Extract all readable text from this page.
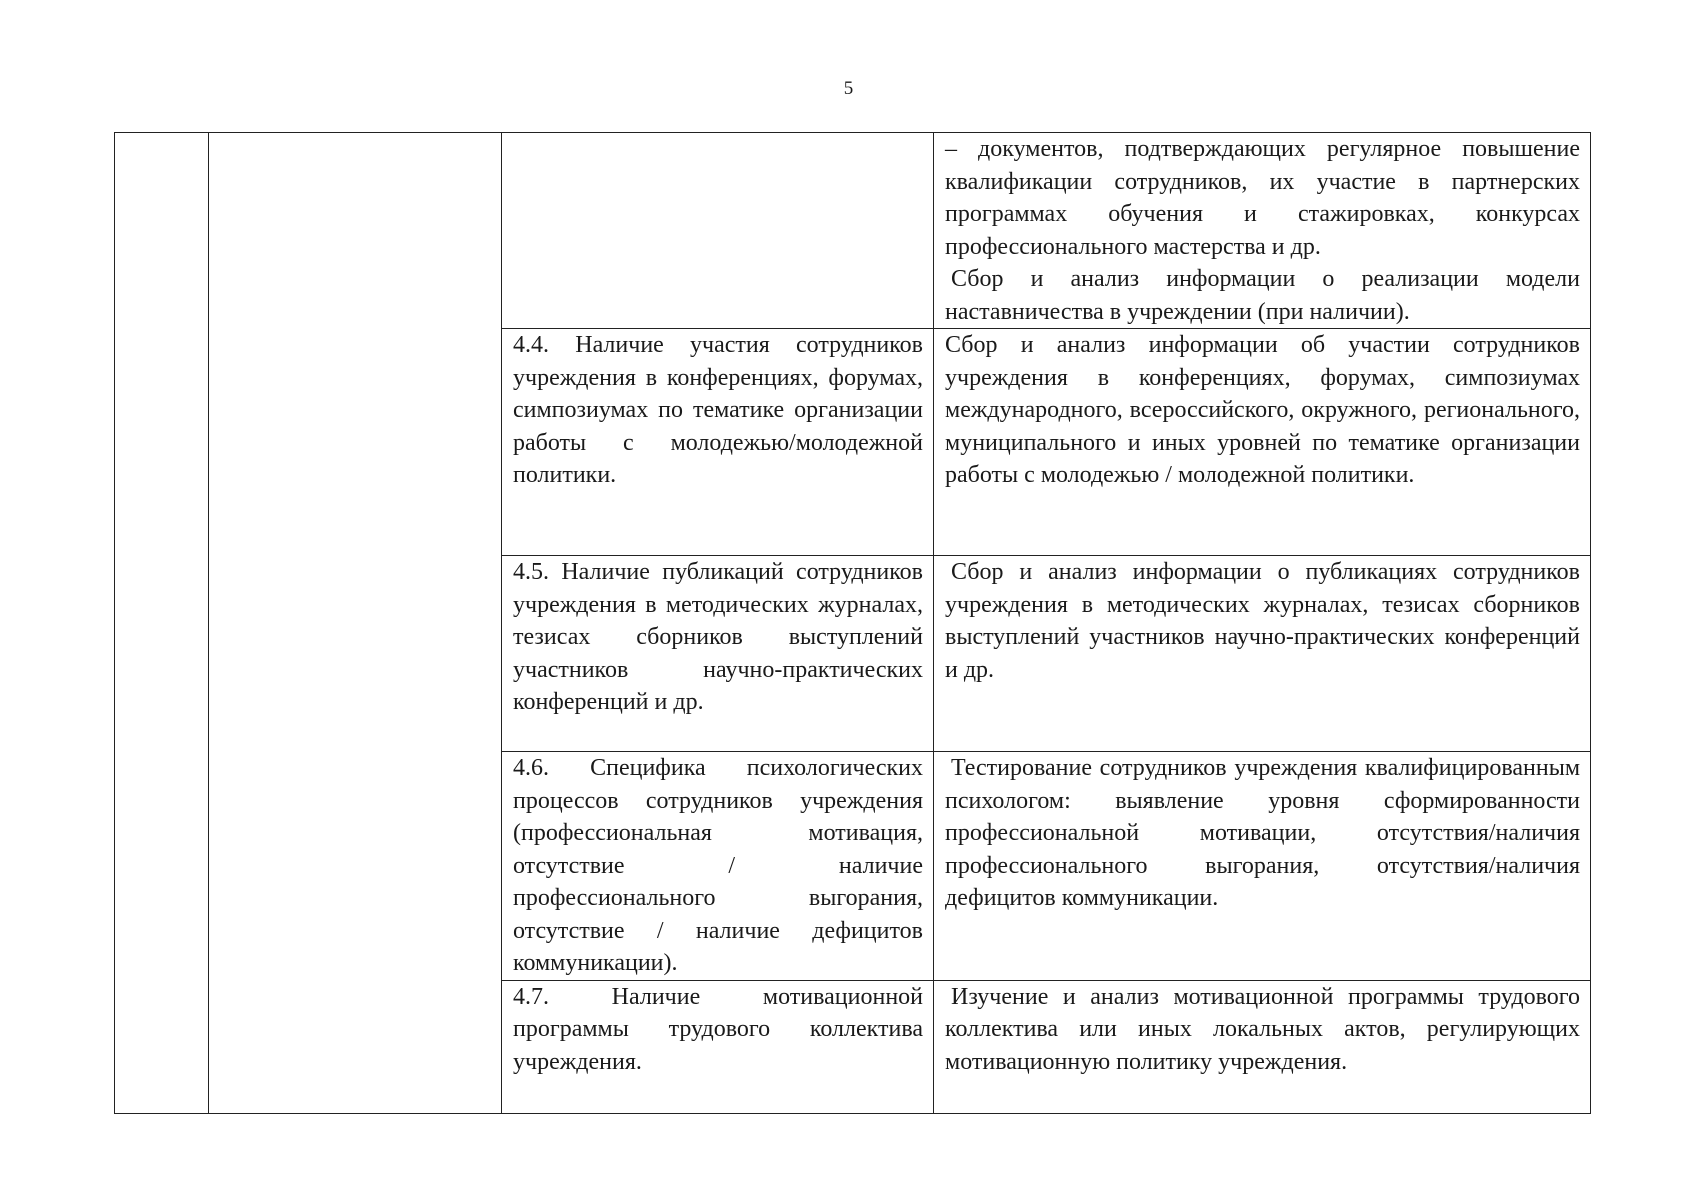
5

			– документов, подтверждающих регулярное повышение квалификации сотрудников, их участие в партнерских программах обучения и стажировках, конкурсах профессионального мастерства и др.
Сбор и анализ информации о реализации модели наставничества в учреждении (при наличии).

		4.4. Наличие участия сотрудников учреждения в конференциях, форумах, симпозиумах по тематике организации работы с молодежью/молодежной политики.	Сбор и анализ информации об участии сотрудников учреждения в конференциях, форумах, симпозиумах международного, всероссийского, окружного, регионального, муниципального и иных уровней по тематике организации работы с молодежью / молодежной политики.
		4.5. Наличие публикаций сотрудников учреждения в методических журналах, тезисах сборников выступлений участников научно-практических конференций и др.	Сбор и анализ информации о публикациях сотрудников учреждения в методических журналах, тезисах сборников выступлений участников научно-практических конференций и др.
		4.6. Специфика психологических процессов сотрудников учреждения (профессиональная мотивация, отсутствие / наличие профессионального выгорания, отсутствие / наличие дефицитов коммуникации).	Тестирование сотрудников учреждения квалифицированным психологом: выявление уровня сформированности профессиональной мотивации, отсутствия/наличия профессионального выгорания, отсутствия/наличия дефицитов коммуникации.
		4.7. Наличие мотивационной программы трудового коллектива учреждения.	Изучение и анализ мотивационной программы трудового коллектива или иных локальных актов, регулирующих мотивационную политику учреждения.
